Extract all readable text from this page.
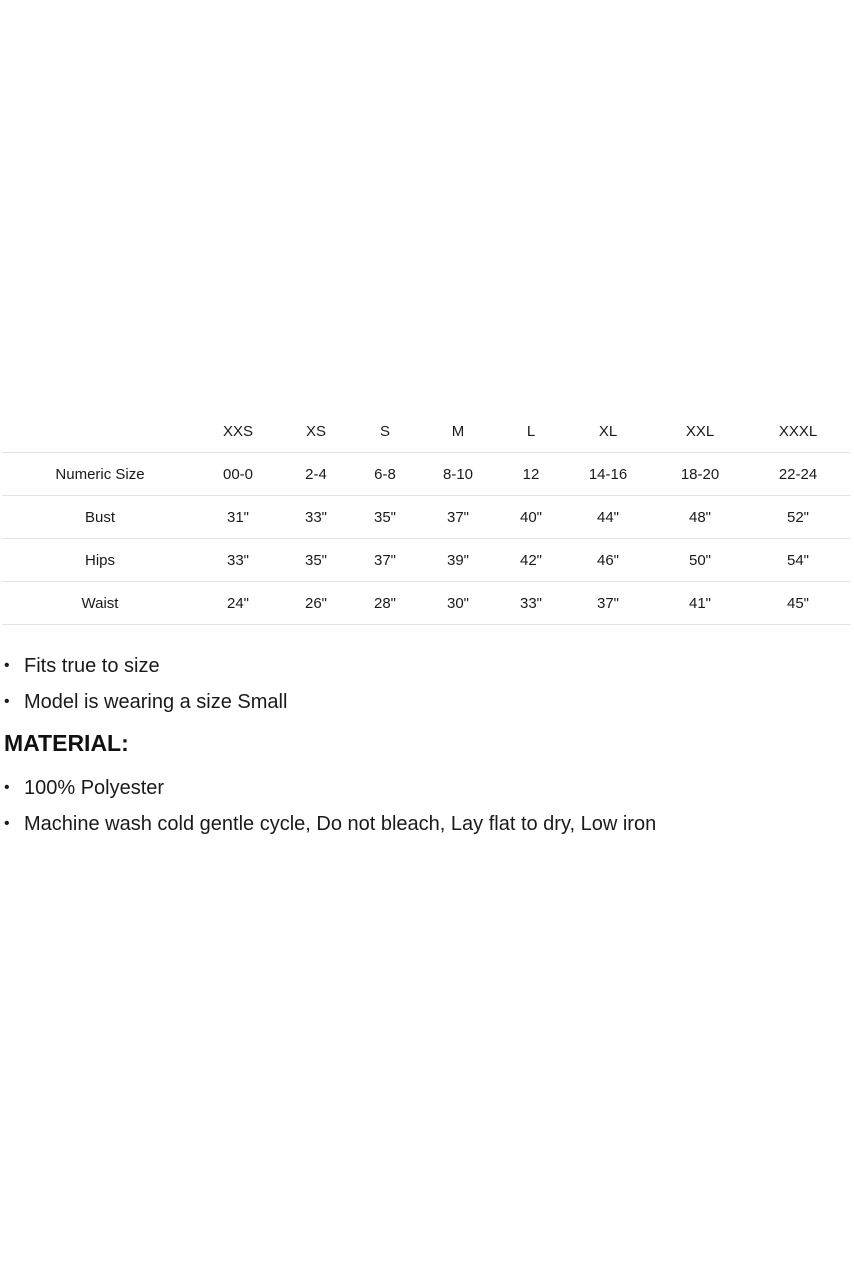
	XXS	XS	S	M	L	XL	XXL	XXXL
Numeric Size	00-0	2-4	6-8	8-10	12	14-16	18-20	22-24
Bust	31"	33"	35"	37"	40"	44"	48"	52"
Hips	33"	35"	37"	39"	42"	46"	50"	54"
Waist	24"	26"	28"	30"	33"	37"	41"	45"
• Fits true to size
• Model is wearing a size Small
MATERIAL:
• 100% Polyester
• Machine wash cold gentle cycle, Do not bleach, Lay flat to dry, Low iron
